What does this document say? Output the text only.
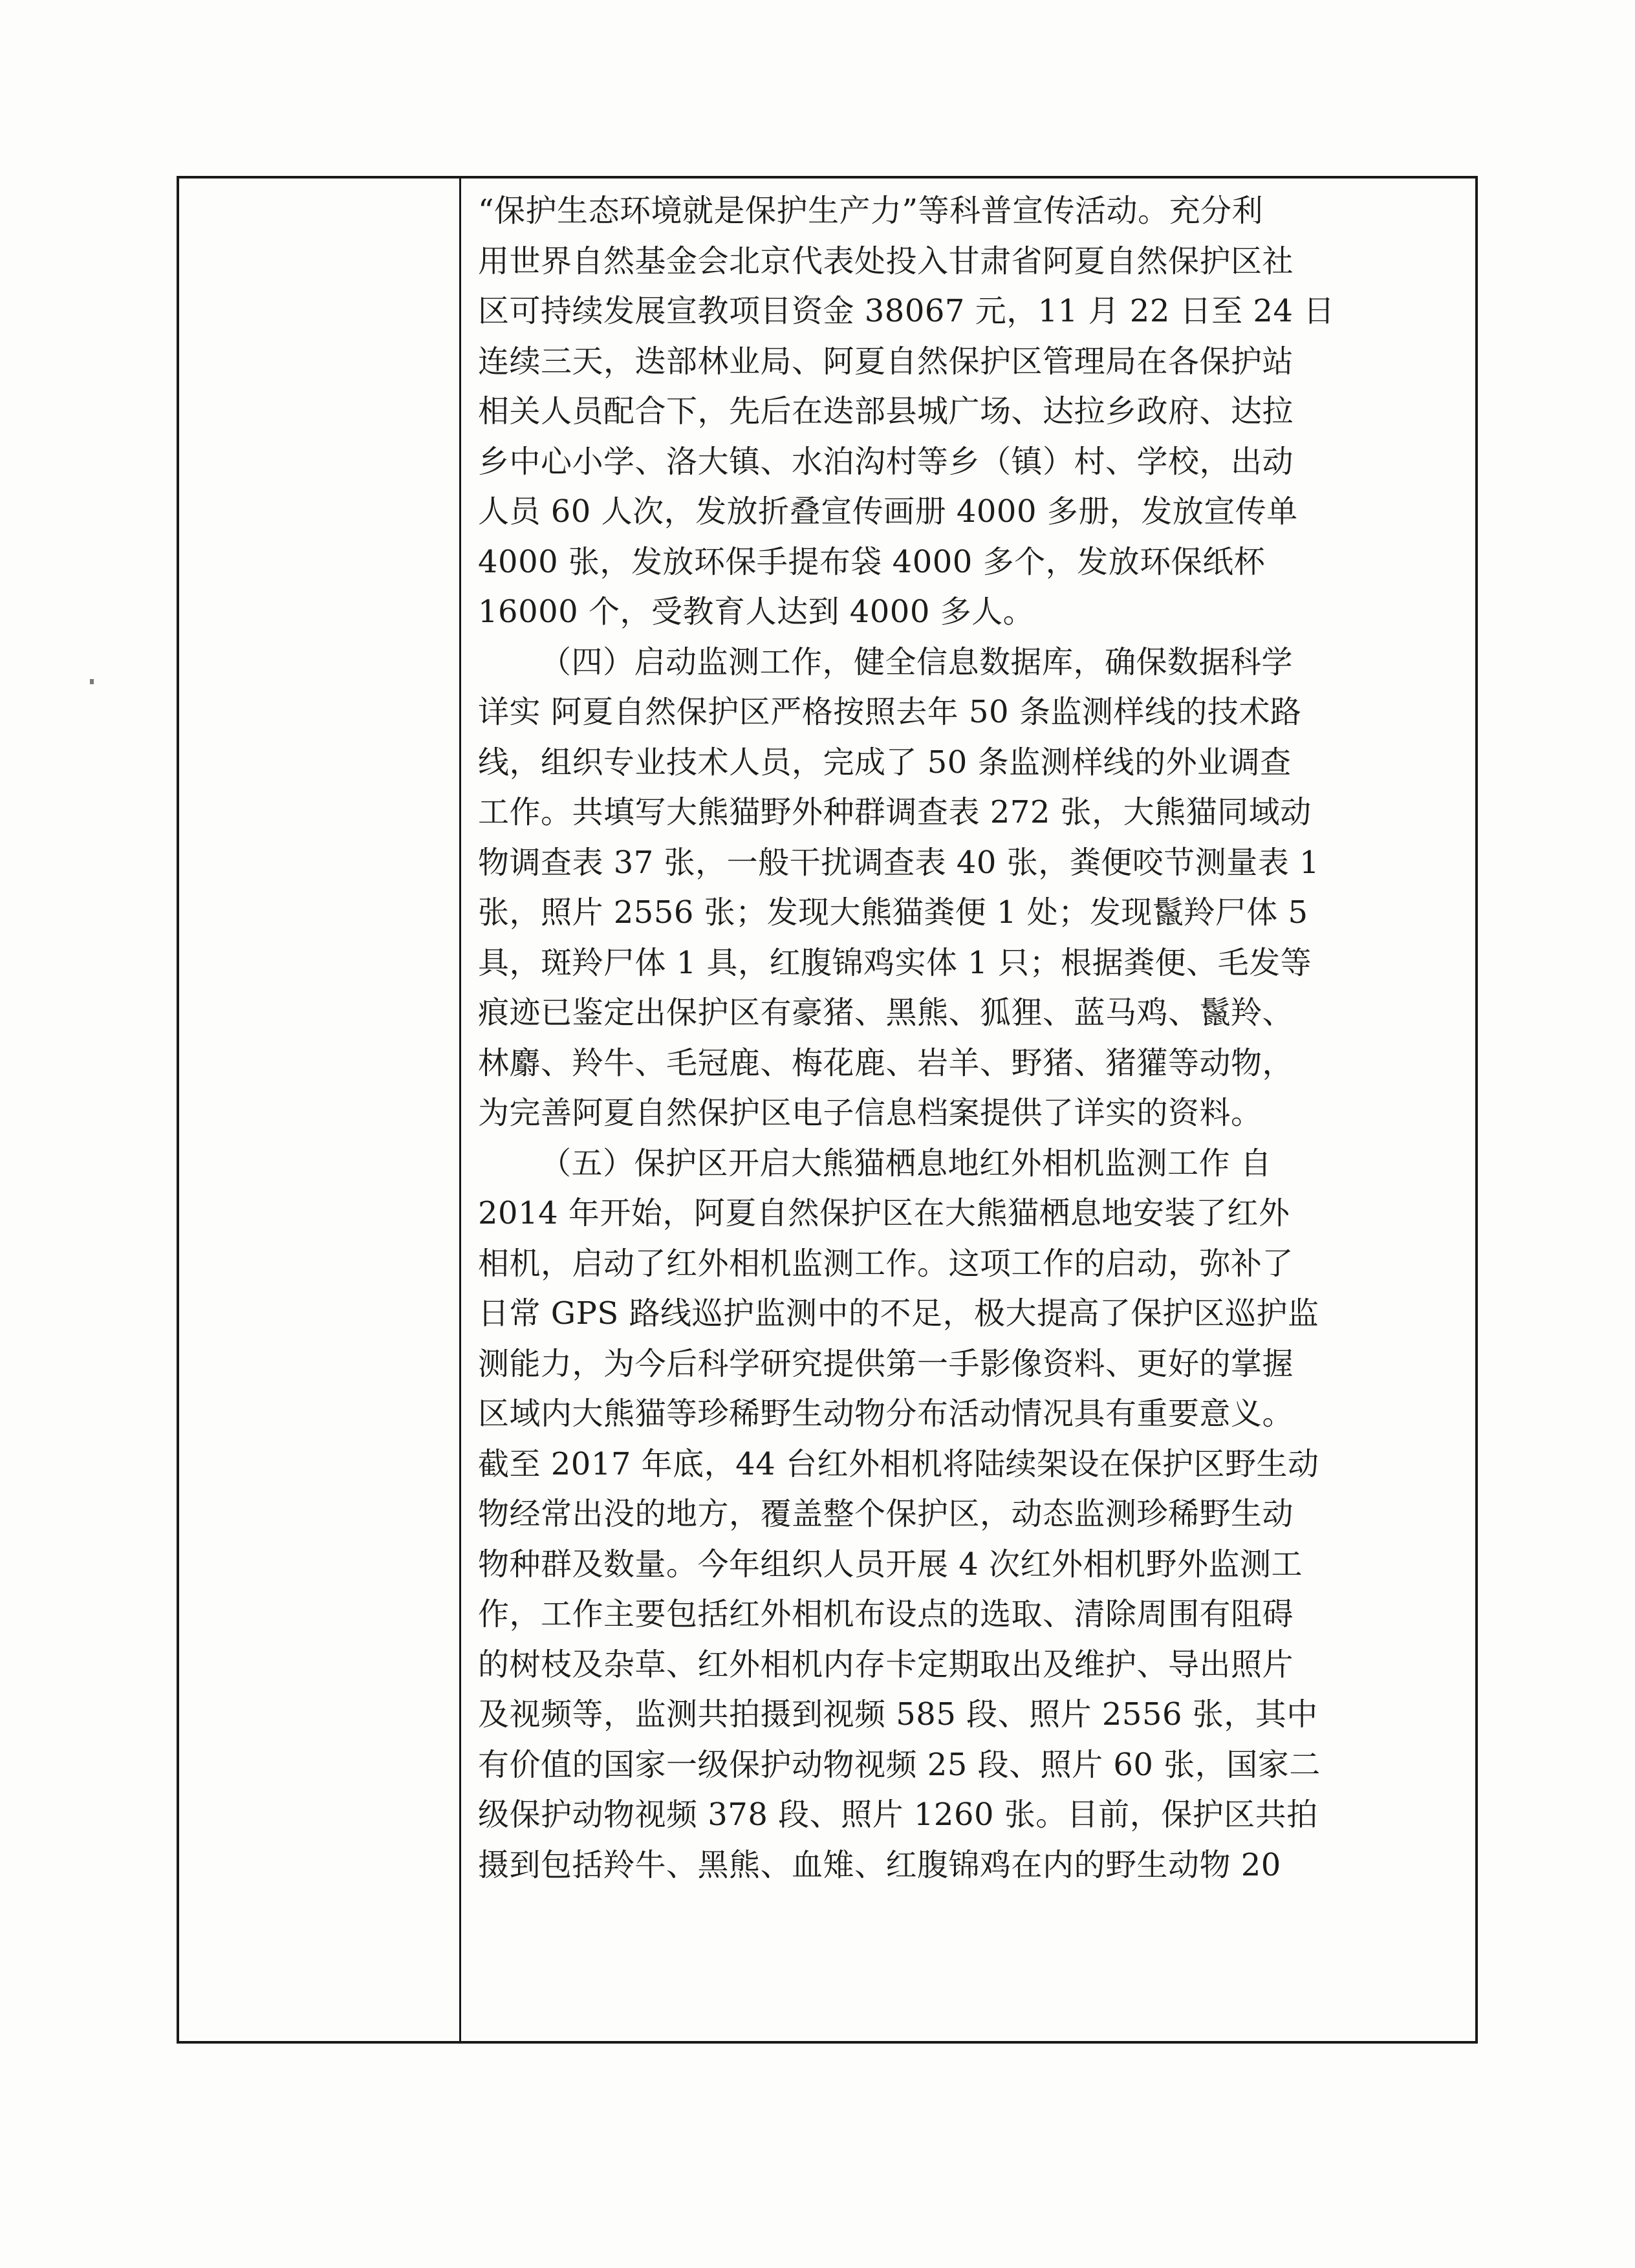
“保护生态环境就是保护生产力”等科普宣传活动。充分利
用世界自然基金会北京代表处投入甘肃省阿夏自然保护区社
区可持续发展宣教项目资金 38067 元，11 月 22 日至 24 日
连续三天，迭部林业局、阿夏自然保护区管理局在各保护站
相关人员配合下，先后在迭部县城广场、达拉乡政府、达拉
乡中心小学、洛大镇、水泊沟村等乡（镇）村、学校，出动
人员 60 人次，发放折叠宣传画册 4000 多册，发放宣传单
4000 张，发放环保手提布袋 4000 多个，发放环保纸杯
16000 个，受教育人达到 4000 多人。
（四）启动监测工作，健全信息数据库，确保数据科学
详实 阿夏自然保护区严格按照去年 50 条监测样线的技术路
线，组织专业技术人员，完成了 50 条监测样线的外业调查
工作。共填写大熊猫野外种群调查表 272 张，大熊猫同域动
物调查表 37 张，一般干扰调查表 40 张，粪便咬节测量表 1
张，照片 2556 张；发现大熊猫粪便 1 处；发现鬣羚尸体 5
具，斑羚尸体 1 具，红腹锦鸡实体 1 只；根据粪便、毛发等
痕迹已鉴定出保护区有豪猪、黑熊、狐狸、蓝马鸡、鬣羚、
林麝、羚牛、毛冠鹿、梅花鹿、岩羊、野猪、猪獾等动物，
为完善阿夏自然保护区电子信息档案提供了详实的资料。
（五）保护区开启大熊猫栖息地红外相机监测工作 自
2014 年开始，阿夏自然保护区在大熊猫栖息地安装了红外
相机，启动了红外相机监测工作。这项工作的启动，弥补了
日常 GPS 路线巡护监测中的不足，极大提高了保护区巡护监
测能力，为今后科学研究提供第一手影像资料、更好的掌握
区域内大熊猫等珍稀野生动物分布活动情况具有重要意义。
截至 2017 年底，44 台红外相机将陆续架设在保护区野生动
物经常出没的地方，覆盖整个保护区，动态监测珍稀野生动
物种群及数量。今年组织人员开展 4 次红外相机野外监测工
作，工作主要包括红外相机布设点的选取、清除周围有阻碍
的树枝及杂草、红外相机内存卡定期取出及维护、导出照片
及视频等，监测共拍摄到视频 585 段、照片 2556 张，其中
有价值的国家一级保护动物视频 25 段、照片 60 张，国家二
级保护动物视频 378 段、照片 1260 张。目前，保护区共拍
摄到包括羚牛、黑熊、血雉、红腹锦鸡在内的野生动物 20
